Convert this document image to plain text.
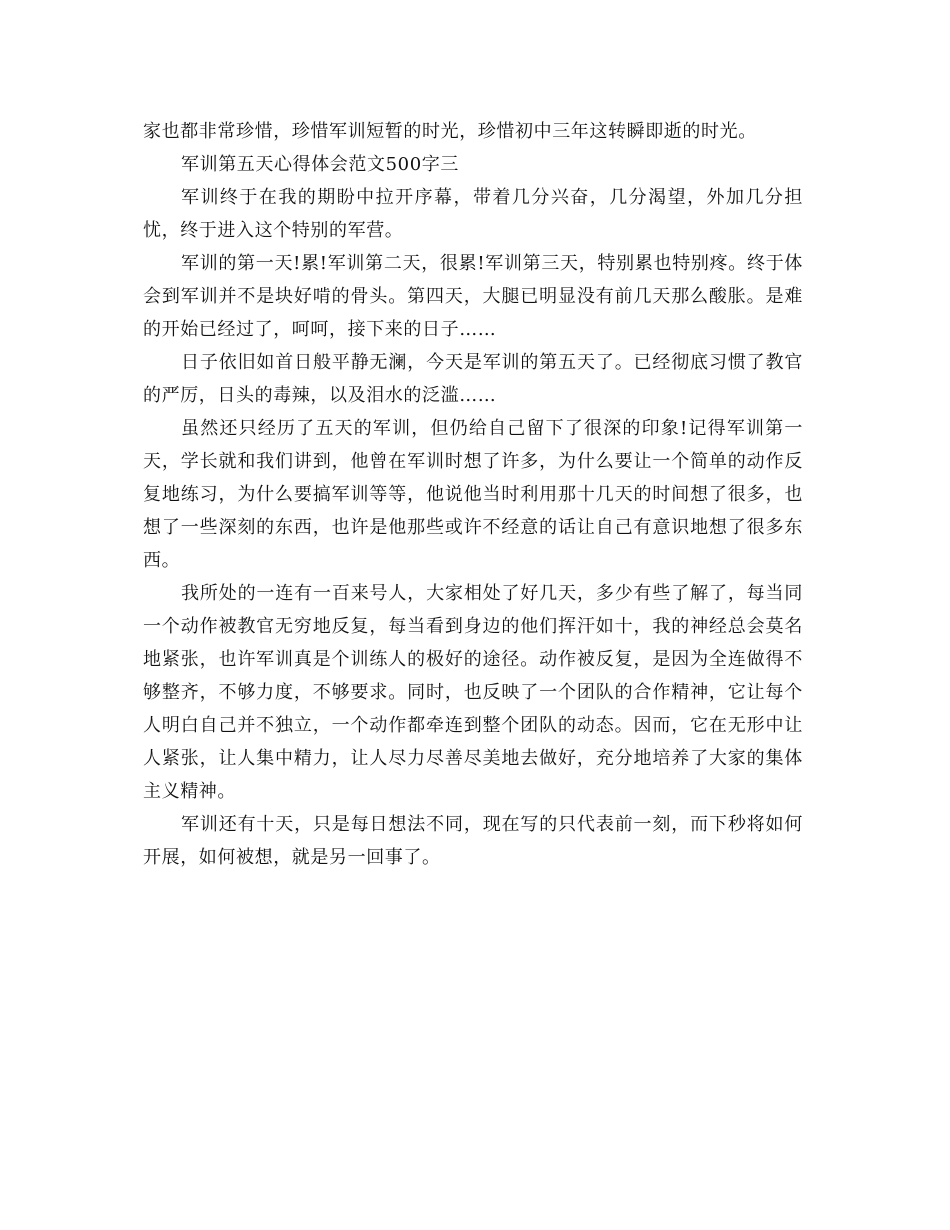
家也都非常珍惜，珍惜军训短暂的时光，珍惜初中三年这转瞬即逝的时光。

军训第五天心得体会范文500字三

军训终于在我的期盼中拉开序幕，带着几分兴奋，几分渴望，外加几分担忧，终于进入这个特别的军营。

军训的第一天!累!军训第二天，很累!军训第三天，特别累也特别疼。终于体会到军训并不是块好啃的骨头。第四天，大腿已明显没有前几天那么酸胀。是难的开始已经过了，呵呵，接下来的日子……

日子依旧如首日般平静无澜，今天是军训的第五天了。已经彻底习惯了教官的严厉，日头的毒辣，以及泪水的泛滥……

虽然还只经历了五天的军训，但仍给自己留下了很深的印象!记得军训第一天，学长就和我们讲到，他曾在军训时想了许多，为什么要让一个简单的动作反复地练习，为什么要搞军训等等，他说他当时利用那十几天的时间想了很多，也想了一些深刻的东西，也许是他那些或许不经意的话让自己有意识地想了很多东西。

我所处的一连有一百来号人，大家相处了好几天，多少有些了解了，每当同一个动作被教官无穷地反复，每当看到身边的他们挥汗如十，我的神经总会莫名地紧张，也许军训真是个训练人的极好的途径。动作被反复，是因为全连做得不够整齐，不够力度，不够要求。同时，也反映了一个团队的合作精神，它让每个人明白自己并不独立，一个动作都牵连到整个团队的动态。因而，它在无形中让人紧张，让人集中精力，让人尽力尽善尽美地去做好，充分地培养了大家的集体主义精神。

军训还有十天，只是每日想法不同，现在写的只代表前一刻，而下秒将如何开展，如何被想，就是另一回事了。
